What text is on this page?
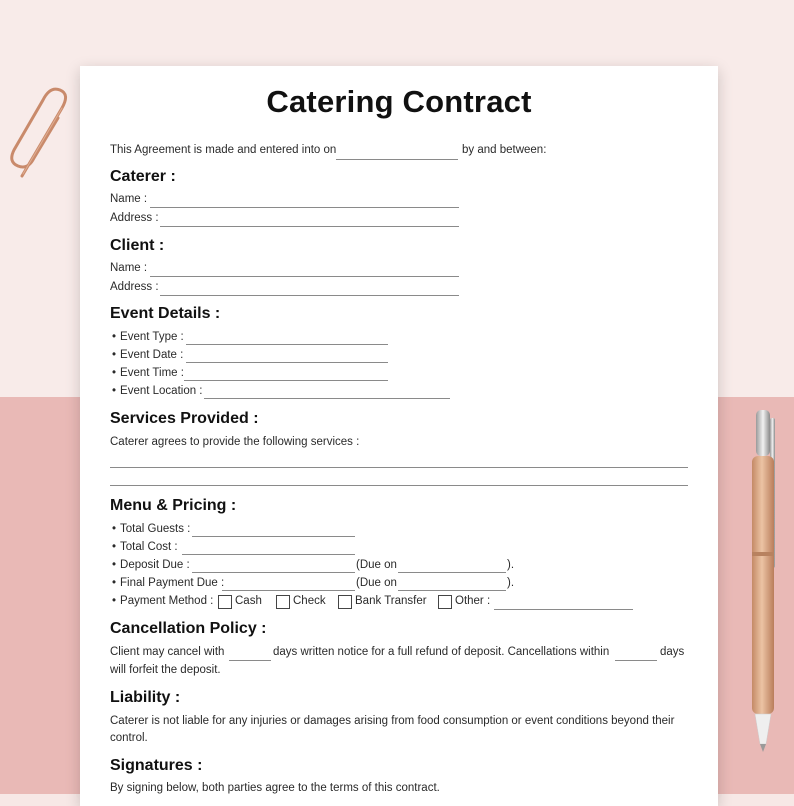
Catering Contract
This Agreement is made and entered into on	by and between:
Caterer :
Name :
Address :
Client :
Name :
Address :
Event Details :
• Event Type :
• Event Date :
• Event Time :
• Event Location :
Services Provided :
Caterer agrees to provide the following services :
Menu & Pricing :
• Total Guests :
• Total Cost :
• Deposit Due :	(Due on	).
• Final Payment Due :	(Due on	).
• Payment Method : Cash	Check	Bank Transfer Other :
Cancellation Policy :
Client may cancel with	days written notice for a full refund of deposit. Cancellations within	days
will forfeit the deposit.
Liability :
Caterer is not liable for any injuries or damages arising from food consumption or event conditions beyond their
control.
Signatures :
By signing below, both parties agree to the terms of this contract.
